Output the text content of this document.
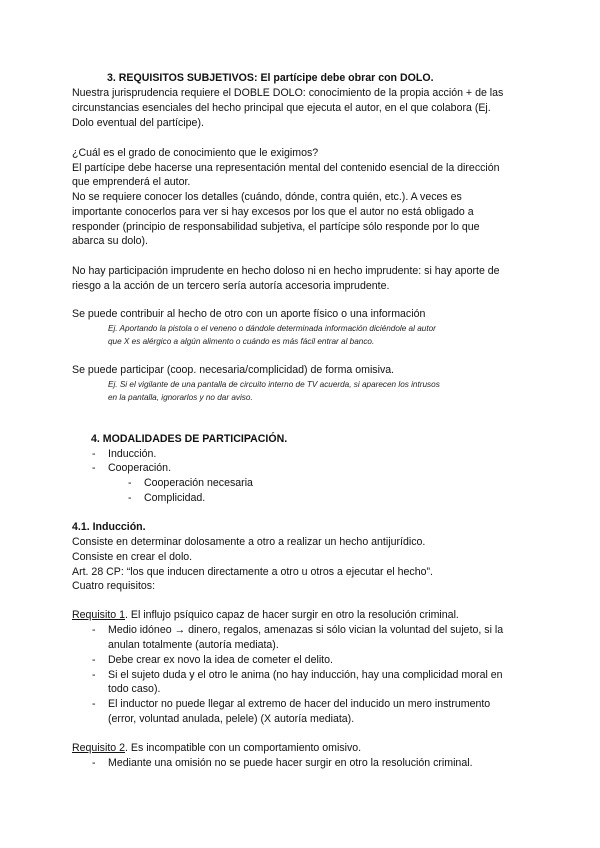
3. REQUISITOS SUBJETIVOS: El partícipe debe obrar con DOLO.
Nuestra jurisprudencia requiere el DOBLE DOLO: conocimiento de la propia acción + de las
circunstancias esenciales del hecho principal que ejecuta el autor, en el que colabora (Ej.
Dolo eventual del partícipe).
¿Cuál es el grado de conocimiento que le exigimos?
El partícipe debe hacerse una representación mental del contenido esencial de la dirección
que emprenderá el autor.
No se requiere conocer los detalles (cuándo, dónde, contra quién, etc.). A veces es
importante conocerlos para ver si hay excesos por los que el autor no está obligado a
responder (principio de responsabilidad subjetiva, el partícipe sólo responde por lo que
abarca su dolo).
No hay participación imprudente en hecho doloso ni en hecho imprudente: si hay aporte de
riesgo a la acción de un tercero sería autoría accesoria imprudente.
Se puede contribuir al hecho de otro con un aporte físico o una información
Ej. Aportando la pistola o el veneno o dándole determinada información diciéndole al autor
que X es alérgico a algún alimento o cuándo es más fácil entrar al banco.
Se puede participar (coop. necesaria/complicidad) de forma omisiva.
Ej. Si el vigilante de una pantalla de circuito interno de TV acuerda, si aparecen los intrusos
en la pantalla, ignorarlos y no dar aviso.
4. MODALIDADES DE PARTICIPACIÓN.
- Inducción.
- Cooperación.
- Cooperación necesaria
- Complicidad.
4.1. Inducción.
Consiste en determinar dolosamente a otro a realizar un hecho antijurídico.
Consiste en crear el dolo.
Art. 28 CP: “los que inducen directamente a otro u otros a ejecutar el hecho”.
Cuatro requisitos:
Requisito 1. El influjo psíquico capaz de hacer surgir en otro la resolución criminal.
- Medio idóneo → dinero, regalos, amenazas si sólo vician la voluntad del sujeto, si la
anulan totalmente (autoría mediata).
- Debe crear ex novo la idea de cometer el delito.
- Si el sujeto duda y el otro le anima (no hay inducción, hay una complicidad moral en
todo caso).
- El inductor no puede llegar al extremo de hacer del inducido un mero instrumento
(error, voluntad anulada, pelele) (X autoría mediata).
Requisito 2. Es incompatible con un comportamiento omisivo.
- Mediante una omisión no se puede hacer surgir en otro la resolución criminal.
